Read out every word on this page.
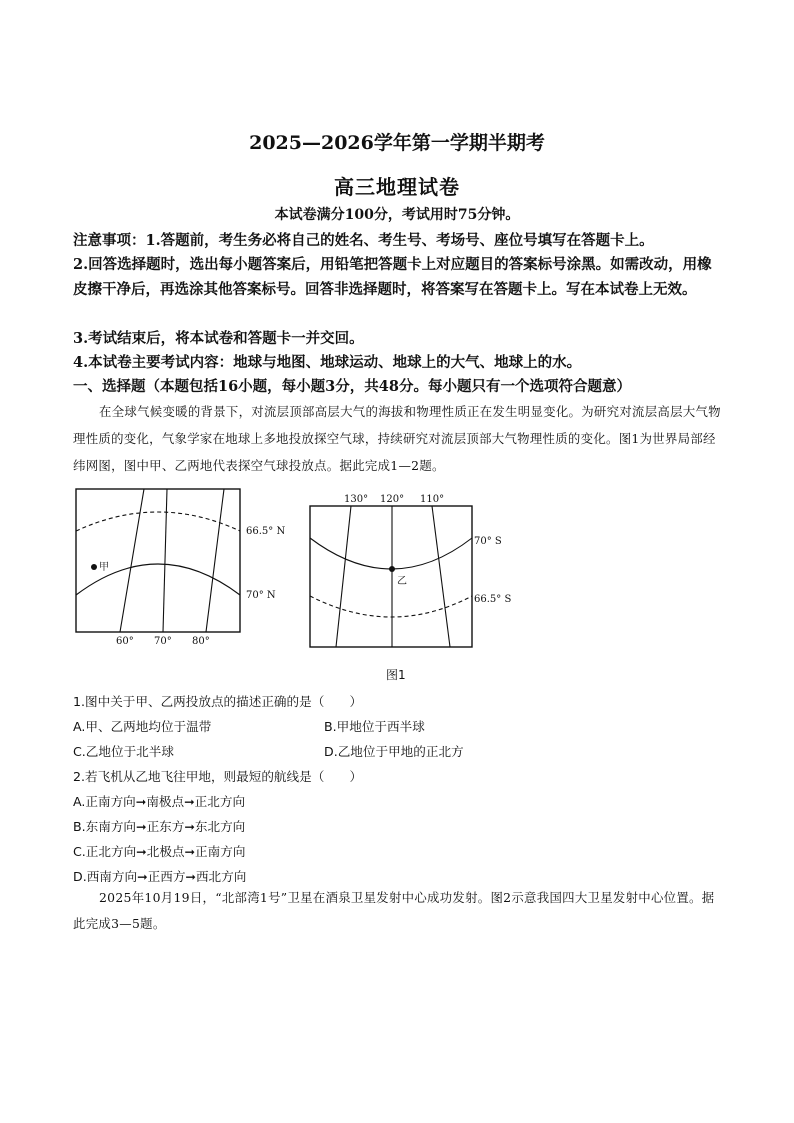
2025—2026学年第一学期半期考
高三地理试卷

本试卷满分100分，考试用时75分钟。

注意事项：1.答题前，考生务必将自己的姓名、考生号、考场号、座位号填写在答题卡上。

2.回答选择题时，选出每小题答案后，用铅笔把答题卡上对应题目的答案标号涂黑。如需改动，用橡皮擦干净后，再选涂其他答案标号。回答非选择题时，将答案写在答题卡上。写在本试卷上无效。

3.考试结束后，将本试卷和答题卡一并交回。

4.本试卷主要考试内容：地球与地图、地球运动、地球上的大气、地球上的水。

一、选择题（本题包括16小题，每小题3分，共48分。每小题只有一个选项符合题意）

在全球气候变暖的背景下，对流层顶部高层大气的海拔和物理性质正在发生明显变化。为研究对流层高层大气物理性质的变化，气象学家在地球上多地投放探空气球，持续研究对流层顶部大气物理性质的变化。图1为世界局部经纬网图，图中甲、乙两地代表探空气球投放点。据此完成1—2题。

甲
66.5° N
70° N
60° 70° 80°
130° 120° 110°
乙
70° S
66.5° S

图1

1.图中关于甲、乙两投放点的描述正确的是（　　）

A.甲、乙两地均位于温带	B.甲地位于西半球

C.乙地位于北半球	D.乙地位于甲地的正北方

2.若飞机从乙地飞往甲地，则最短的航线是（　　）

A.正南方向➞南极点➞正北方向

B.东南方向➞正东方➞东北方向

C.正北方向➞北极点➞正南方向

D.西南方向➞正西方➞西北方向

2025年10月19日，“北部湾1号”卫星在酒泉卫星发射中心成功发射。图2示意我国四大卫星发射中心位置。据此完成3—5题。
